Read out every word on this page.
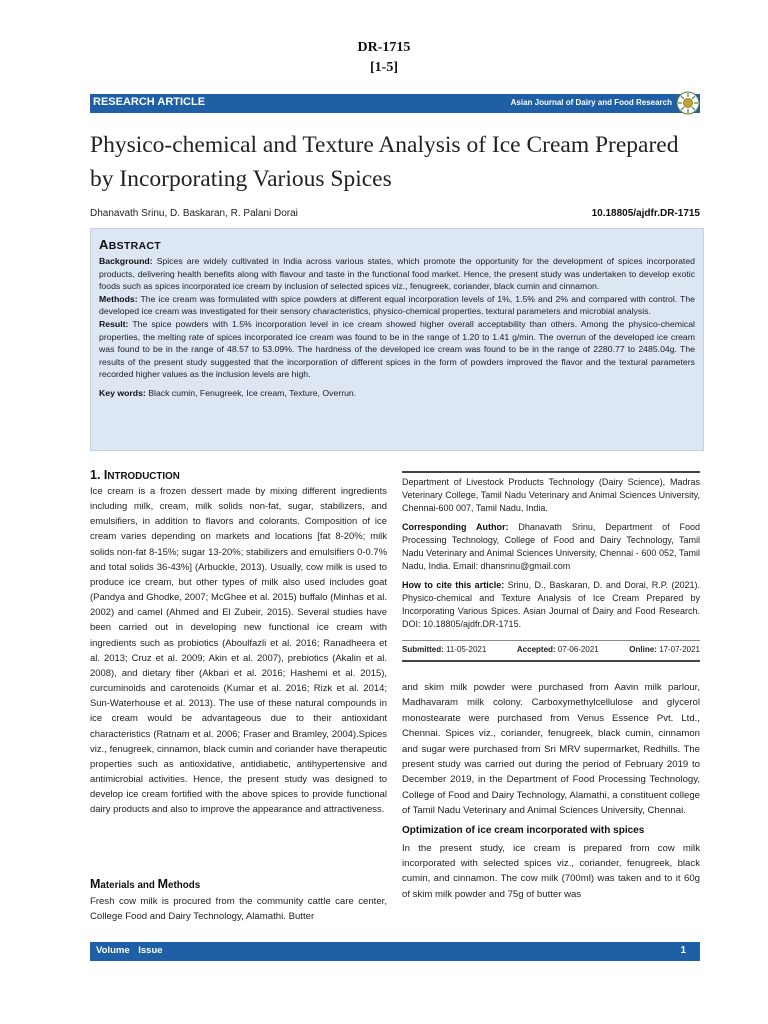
DR-1715
[1-5]
RESEARCH ARTICLE	Asian Journal of Dairy and Food Research
Physico-chemical and Texture Analysis of Ice Cream Prepared
by Incorporating Various Spices
Dhanavath Srinu, D. Baskaran, R. Palani Dorai	10.18805/ajdfr.DR-1715
ABSTRACT

Background: Spices are widely cultivated in India across various states, which promote the opportunity for the development of spices incorporated products, delivering health benefits along with flavour and taste in the functional food market. Hence, the present study was undertaken to develop exotic foods such as spices incorporated ice cream by inclusion of selected spices viz., fenugreek, coriander, black cumin and cinnamon.

Methods: The ice cream was formulated with spice powders at different equal incorporation levels of 1%, 1.5% and 2% and compared with control. The developed ice cream was investigated for their sensory characteristics, physico-chemical properties, textural parameters and microbial analysis.

Result: The spice powders with 1.5% incorporation level in ice cream showed higher overall acceptability than others. Among the physico-chemical properties, the melting rate of spices incorporated ice cream was found to be in the range of 1.20 to 1.41 g/min. The overrun of the developed ice cream was found to be in the range of 48.57 to 53.09%. The hardness of the developed ice cream was found to be in the range of 2280.77 to 2485.04g. The results of the present study suggested that the incorporation of different spices in the form of powders improved the flavor and the textural parameters recorded higher values as the inclusion levels are high.

Key words: Black cumin, Fenugreek, Ice cream, Texture, Overrun.

1. INTRODUCTION
Ice cream is a frozen dessert made by mixing different ingredients including milk, cream, milk solids non-fat, sugar, stabilizers, and emulsifiers, in addition to flavors and colorants. Composition of ice cream varies depending on markets and locations [fat 8-20%; milk solids non-fat 8-15%; sugar 13-20%; stabilizers and emulsifiers 0-0.7% and total solids 36-43%] (Arbuckle, 2013). Usually, cow milk is used to produce ice cream, but other types of milk also used includes goat (Pandya and Ghodke, 2007; McGhee et al. 2015) buffalo (Minhas et al. 2002) and camel (Ahmed and El Zubeir, 2015). Several studies have been carried out in developing new functional ice cream with ingredients such as probiotics (Aboulfazli et al. 2016; Ranadheera et al. 2013; Cruz et al. 2009; Akin et al. 2007), prebiotics (Akalin et al. 2008), and dietary fiber (Akbari et al. 2016; Hashemi et al. 2015), curcuminoids and carotenoids (Kumar et al. 2016; Rizk et al. 2014; Sun-Waterhouse et al. 2013). The use of these natural compounds in ice cream would be advantageous due to their antioxidant characteristics (Ratnam et al. 2006; Fraser and Bramley, 2004).Spices viz., fenugreek, cinnamon, black cumin and coriander have therapeutic properties such as antioxidative, antidiabetic, antihypertensive and antimicrobial activities. Hence, the present study was designed to develop ice cream fortified with the above spices to provide functional dairy products and also to improve the appearance and attractiveness.
Materials and Methods
Fresh cow milk is procured from the community cattle care center, College Food and Dairy Technology, Alamathi. Butter
Department of Livestock Products Technology (Dairy Science), Madras Veterinary College, Tamil Nadu Veterinary and Animal Sciences University, Chennai-600 007, Tamil Nadu, India.
Corresponding Author: Dhanavath Srinu, Department of Food Processing Technology, College of Food and Dairy Technology, Tamil Nadu Veterinary and Animal Sciences University, Chennai - 600 052, Tamil Nadu, India. Email: dhansrinu@gmail.com
How to cite this article: Srinu, D., Baskaran, D. and Dorai, R.P. (2021). Physico-chemical and Texture Analysis of Ice Cream Prepared by Incorporating Various Spices. Asian Journal of Dairy and Food Research. DOI: 10.18805/ajdfr.DR-1715.
Submitted: 11-05-2021	Accepted: 07-06-2021	Online: 17-07-2021
and skim milk powder were purchased from Aavin milk parlour, Madhavaram milk colony. Carboxymethylcellulose and glycerol monostearate were purchased from Venus Essence Pvt. Ltd., Chennai. Spices viz., coriander, fenugreek, black cumin, cinnamon and sugar were purchased from Sri MRV supermarket, Redhills. The present study was carried out during the period of February 2019 to December 2019, in the Department of Food Processing Technology, College of Food and Dairy Technology, Alamathi, a constituent college of Tamil Nadu Veterinary and Animal Sciences University, Chennai.
Optimization of ice cream incorporated with spices
In the present study, ice cream is prepared from cow milk incorporated with selected spices viz., coriander, fenugreek, black cumin, and cinnamon. The cow milk (700ml) was taken and to it 60g of skim milk powder and 75g of butter was
Volume Issue	1
